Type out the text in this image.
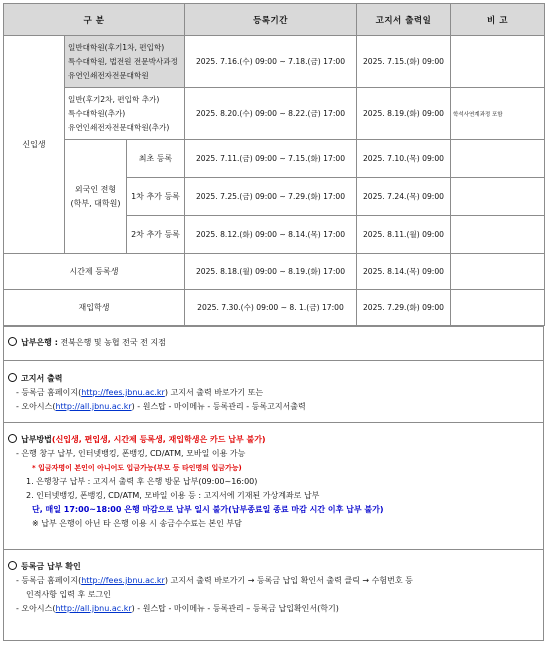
구 분			등록기간	고지서 출력일	비 고
신입생	일반대학원(후기1차, 편입학)
특수대학원, 법전원 전문박사과정
유연인쇄전자전문대학원		2025. 7.16.(수) 09:00 ~ 7.18.(금) 17:00	2025. 7.15.(화) 09:00	

	일반(후기2차, 편입학 추가)
특수대학원(추가)
유연인쇄전자전문대학원(추가)		2025. 8.20.(수) 09:00 ~ 8.22.(금) 17:00	2025. 8.19.(화) 09:00	학석사연계과정 포함

	외국인 전형
(학부, 대학원)	최초 등록	2025. 7.11.(금) 09:00 ~ 7.15.(화) 17:00	2025. 7.10.(목) 09:00	
		1차 추가 등록	2025. 7.25.(금) 09:00 ~ 7.29.(화) 17:00	2025. 7.24.(목) 09:00	
		2차 추가 등록	2025. 8.12.(화) 09:00 ~ 8.14.(목) 17:00	2025. 8.11.(월) 09:00	
시간제 등록생			2025. 8.18.(월) 09:00 ~ 8.19.(화) 17:00	2025. 8.14.(목) 09:00	
재입학생			2025. 7.30.(수) 09:00 ~ 8. 1.(금) 17:00	2025. 7.29.(화) 09:00	
납부은행 : 전북은행 및 농협 전국 전 지점
고지서 출력
- 등록금 홈페이지(http://fees.jbnu.ac.kr) 고지서 출력 바로가기 또는
- 오아시스(http://all.jbnu.ac.kr) - 원스탑 - 마이메뉴 - 등록관리 - 등록고지서출력
납부방법(신입생, 편입생, 시간제 등록생, 재입학생은 카드 납부 불가)
- 은행 창구 납부, 인터넷뱅킹, 폰뱅킹, CD/ATM, 모바일 이용 가능
* 입금자명이 본인이 아니어도 입금가능(부모 등 타인명의 입금가능)
1. 은행창구 납부 : 고지서 출력 후 은행 방문 납부(09:00~16:00)
2. 인터넷뱅킹, 폰뱅킹, CD/ATM, 모바일 이용 등 : 고지서에 기재된 가상계좌로 납부
단, 매일 17:00~18:00 은행 마감으로 납부 일시 불가(납부종료일 종료 마감 시간 이후 납부 불가)
※ 납부 은행이 아닌 타 은행 이용 시 송금수수료는 본인 부담
등록금 납부 확인
- 등록금 홈페이지(http://fees.jbnu.ac.kr) 고지서 출력 바로가기 → 등록금 납입 확인서 출력 클릭 → 수험번호 등
인적사항 입력 후 로그인
- 오아시스(http://all.jbnu.ac.kr) - 원스탑 - 마이메뉴 - 등록관리 – 등록금 납입확인서(학기)
